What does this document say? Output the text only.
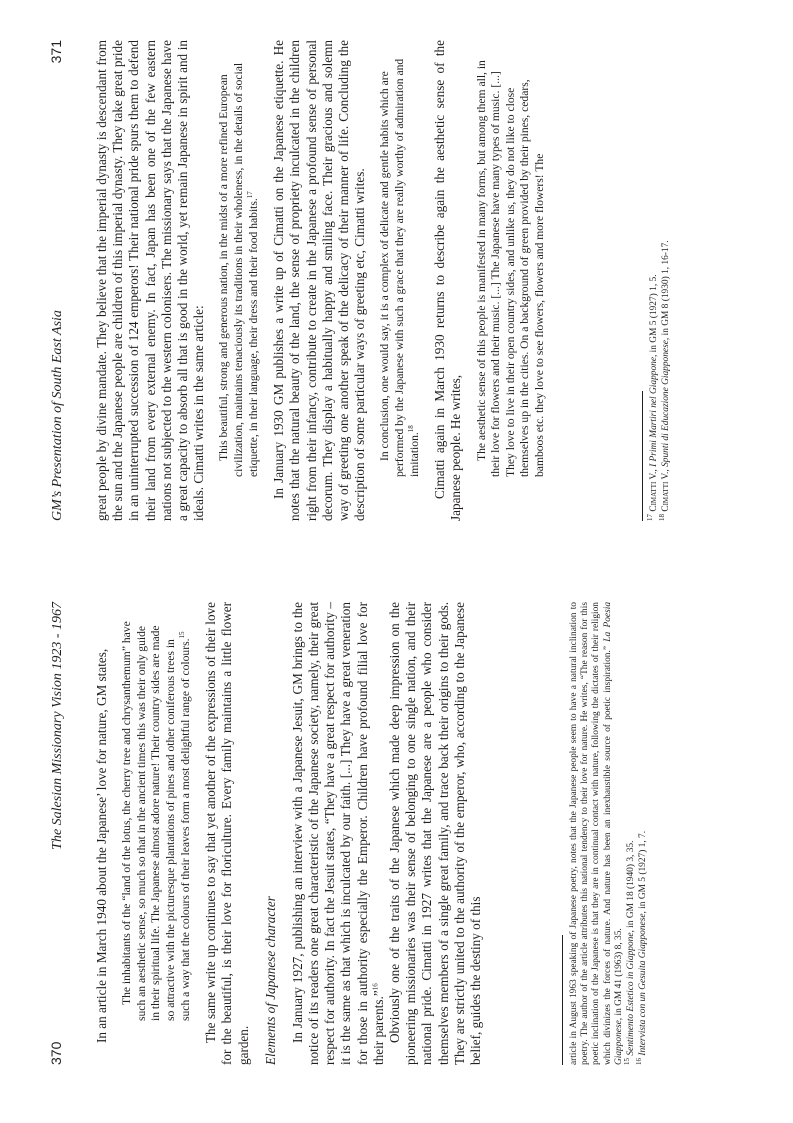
370
The Salesian Missionary Vision 1923 - 1967 In an article in March 1940 about the Japanese’ love for nature, GM states, The inhabitants of the “land of the lotus, the cherry tree and chrysanthemum” have such an aesthetic sense, so much so that in the ancient times this was their only guide in their spiritual life. The Japanese almost adore nature! Their country sides are made so attractive with the picturesque plantations of pines and other coniferous trees in such a way that the colours of their leaves form a most delightful range of colours.$^{15}$	The same write up continues to say that yet another of the expressions of their love for the beautiful, is their love for floriculture. Every family maintains a little flower garden. Elements of Japanese character In January 1927, publishing an interview with a Japanese Jesuit, GM brings to the notice of its readers one great characteristic of the Japanese society, namely, their great respect for authority. In fact the Jesuit states, “They have a great respect for authority – it is the same as that which is inculcated by our faith. [...] They have a great veneration for those in authority especially the Emperor. Children have profound filial love for their parents.”$^{16}$ Obviously one of the traits of the Japanese which made deep impression on the pioneering missionaries was their sense of belonging to one single nation, and their national pride. Cimatti in 1927 writes that the Japanese are a people who consider themselves members of a single great family, and trace back their origins to their gods. They are strictly united to the authority of the emperor, who, according to the Japanese belief, guides the destiny of this	article in August 1963 speaking of Japanese poetry, notes that the Japanese people seem to have a natural inclination to poetry. The author of the article attributes this national tendency to their love for nature. He writes, “The reason for this poetic inclination of the Japanese is that they are in continual contact with nature, following the dictates of their religion which divinizes the forces of nature. And nature has been an inexhaustible source of poetic inspiration.” La Poesia Giapponese, in GM 41 (1963) 8, 35.

$^{15}$ Sentimento Estetico in Giappone, in GM 18 (1940) 3, 35.

$^{16}$ Intervista con un Gesuita Giapponese, in GM 5 (1927) 1, 7.

GM’s Presentation of South East Asia
371 great people by divine mandate. They believe that the imperial dynasty is descendant from the sun and the Japanese people are children of this imperial dynasty. They take great pride in an uninterrupted succession of 124 emperors! Their national pride spurs them to defend their land from every external enemy. In fact, Japan has been one of the few eastern nations not subjected to the western colonisers. The missionary says that the Japanese have a great capacity to absorb all that is good in the world, yet remain Japanese in spirit and in ideals. Cimatti writes in the same article: This beautiful, strong and generous nation, in the midst of a more refined European civilization, maintains tenaciously its traditions in their wholeness, in the details of social etiquette, in their language, their dress and their food habits.$^{17}$	In January 1930 GM publishes a write up of Cimatti on the Japanese etiquette. He notes that the natural beauty of the land, the sense of propriety inculcated in the children right from their infancy, contribute to create in the Japanese a profound sense of personal decorum. They display a habitually happy and smiling face. Their gracious and solemn way of greeting one another speak of the delicacy of their manner of life. Concluding the description of some particular ways of greeting etc, Cimatti writes. In conclusion, one would say, it is a complex of delicate and gentle habits which are performed by the Japanese with such a grace that they are really worthy of admiration and imitation.$^{18}$	Cimatti again in March 1930 returns to describe again the aesthetic sense of the Japanese people. He writes, The aesthetic sense of this people is manifested in many forms, but among them all, in their love for flowers and their music. [...] The Japanese have many types of music. [...] They love to live in their open country sides, and unlike us, they do not like to close themselves up in the cities. On a background of green provided by their pines, cedars, bamboos etc. they love to see flowers, flowers and more flowers! The

$^{17}$ Cimatti V., I Primi Martiri nel Giappone, in GM 5 (1927) 1, 5.

$^{18}$ Cimatti V., Spunti di Educazione Giapponese, in GM 8 (1930) 1, 16-17.
